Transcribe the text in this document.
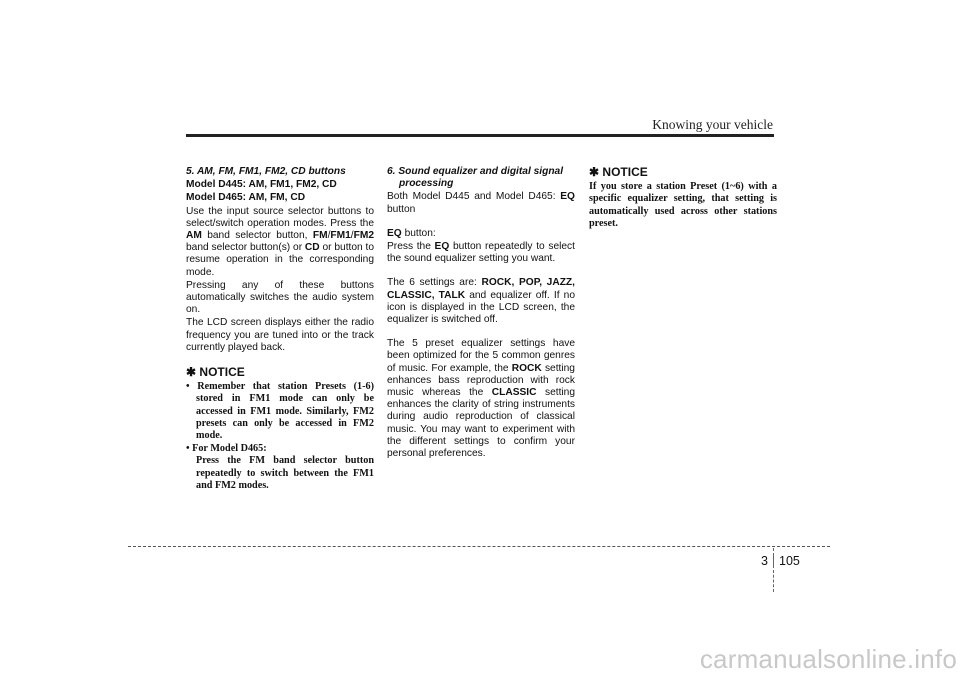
Knowing your vehicle
5. AM, FM, FM1, FM2, CD buttons

Model D445: AM, FM1, FM2, CD

Model D465: AM, FM, CD

Use the input source selector buttons to select/switch operation modes. Press the AM band selector button, FM/FM1/FM2 band selector button(s) or CD or button to resume operation in the corresponding mode.

Pressing any of these buttons automatically switches the audio system on.

The LCD screen displays either the radio frequency you are tuned into or the track currently played back.

✱ NOTICE
• Remember that station Presets (1-6) stored in FM1 mode can only be accessed in FM1 mode. Similarly, FM2 presets can only be accessed in FM2 mode.
• For Model D465:
Press the FM band selector button repeatedly to switch between the FM1 and FM2 modes.
6. Sound equalizer and digital signal
processing

Both Model D445 and Model D465: EQ button

EQ button:

Press the EQ button repeatedly to select the sound equalizer setting you want.

The 6 settings are: ROCK, POP, JAZZ, CLASSIC, TALK and equalizer off. If no icon is displayed in the LCD screen, the equalizer is switched off.

The 5 preset equalizer settings have been optimized for the 5 common genres of music. For example, the ROCK setting enhances bass reproduction with rock music whereas the CLASSIC setting enhances the clarity of string instruments during audio reproduction of classical music. You may want to experiment with the different settings to confirm your personal preferences.

✱ NOTICE
If you store a station Preset (1~6) with a specific equalizer setting, that setting is automatically used across other stations preset.
3 105
carmanualsonline.info
